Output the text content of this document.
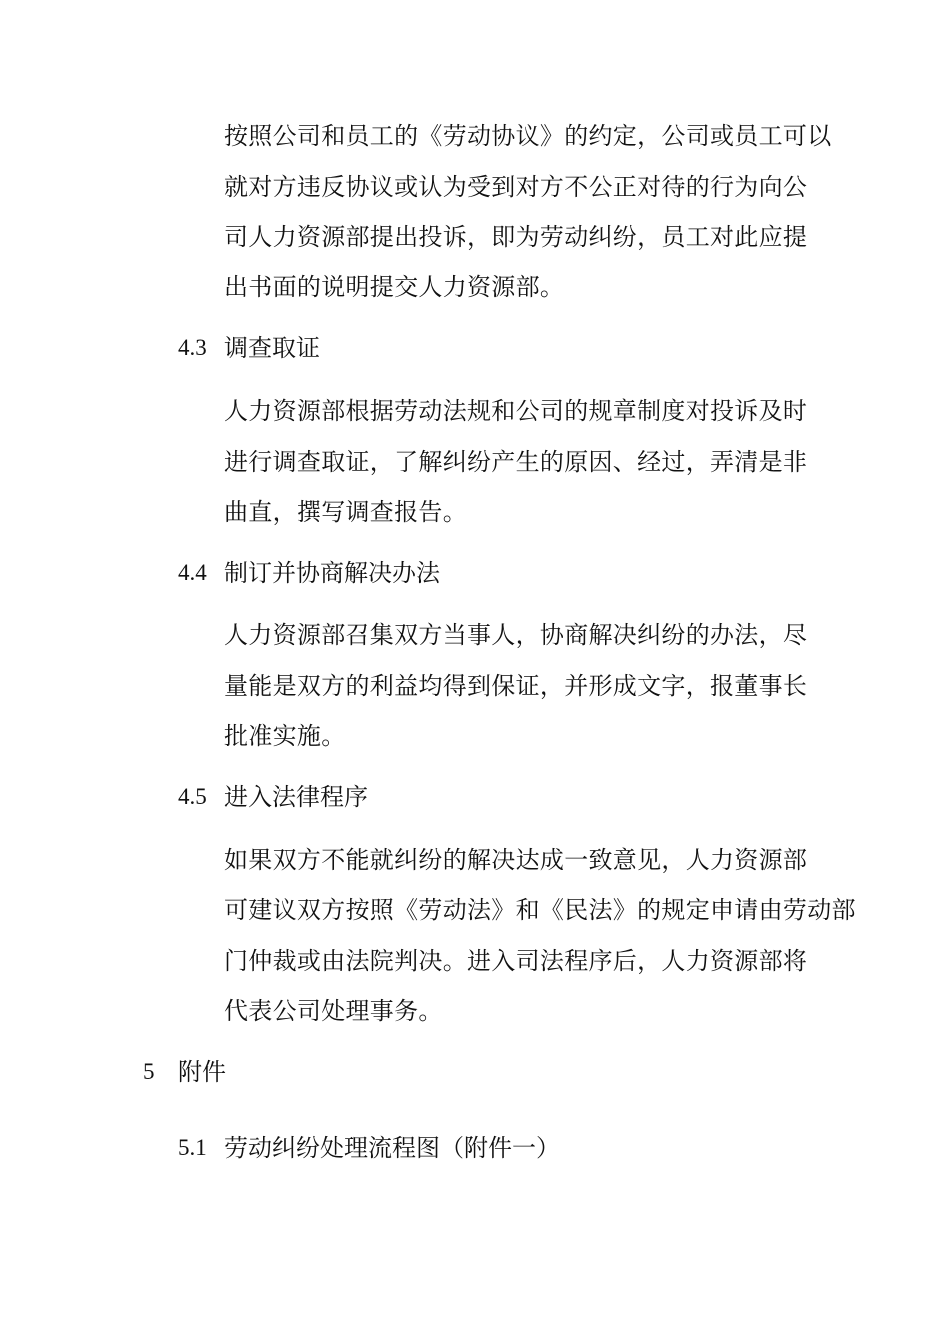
按照公司和员工的《劳动协议》的约定，公司或员工可以
就对方违反协议或认为受到对方不公正对待的行为向公
司人力资源部提出投诉，即为劳动纠纷，员工对此应提
出书面的说明提交人力资源部。
4.3 调查取证
人力资源部根据劳动法规和公司的规章制度对投诉及时
进行调查取证，了解纠纷产生的原因、经过，弄清是非
曲直，撰写调查报告。
4.4 制订并协商解决办法
人力资源部召集双方当事人，协商解决纠纷的办法，尽
量能是双方的利益均得到保证，并形成文字，报董事长
批准实施。
4.5 进入法律程序
如果双方不能就纠纷的解决达成一致意见，人力资源部
可建议双方按照《劳动法》和《民法》的规定申请由劳动部
门仲裁或由法院判决。进入司法程序后，人力资源部将
代表公司处理事务。
5 附件
5.1 劳动纠纷处理流程图（附件一）
